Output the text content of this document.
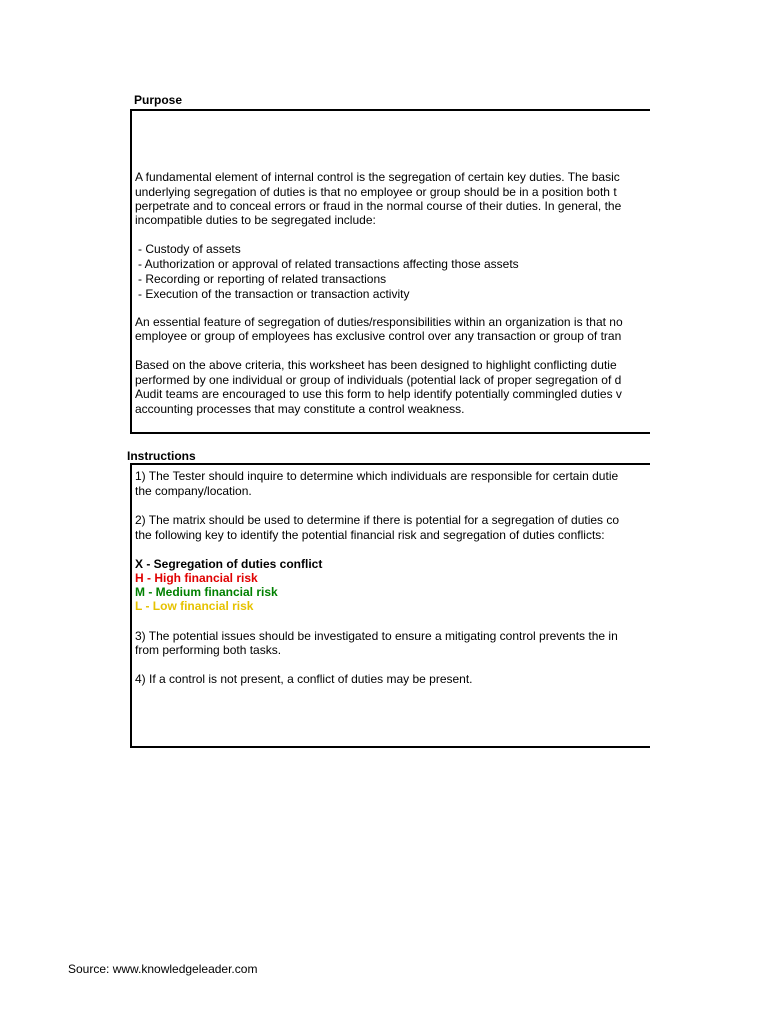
Purpose
A fundamental element of internal control is the segregation of certain key duties. The basic
underlying segregation of duties is that no employee or group should be in a position both t
perpetrate and to conceal errors or fraud in the normal course of their duties. In general, the
incompatible duties to be segregated include:
- Custody of assets
- Authorization or approval of related transactions affecting those assets
- Recording or reporting of related transactions
- Execution of the transaction or transaction activity
An essential feature of segregation of duties/responsibilities within an organization is that no
employee or group of employees has exclusive control over any transaction or group of tran
Based on the above criteria, this worksheet has been designed to highlight conflicting dutie
performed by one individual or group of individuals (potential lack of proper segregation of d
Audit teams are encouraged to use this form to help identify potentially commingled duties v
accounting processes that may constitute a control weakness.
Instructions
1) The Tester should inquire to determine which individuals are responsible for certain dutie
the company/location.
2) The matrix should be used to determine if there is potential for a segregation of duties co
the following key to identify the potential financial risk and segregation of duties conflicts:
X - Segregation of duties conflict
H - High financial risk
M - Medium financial risk
L - Low financial risk
3) The potential issues should be investigated to ensure a mitigating control prevents the in
from performing both tasks.
4) If a control is not present, a conflict of duties may be present.
Source: www.knowledgeleader.com
